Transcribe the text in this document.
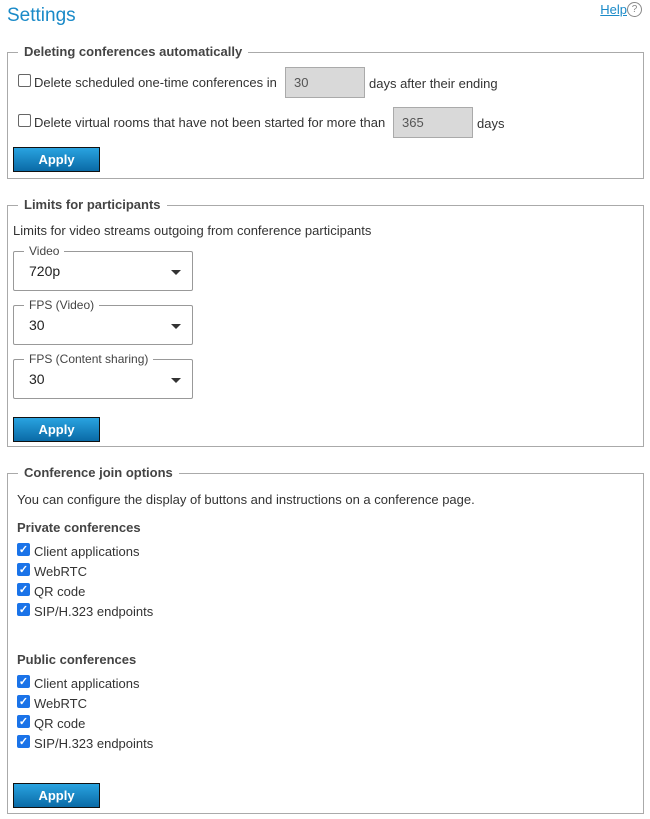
Settings	Help ?
Deleting conferences automatically
Delete scheduled one-time conferences in	30	days after their ending
Delete virtual rooms that have not been started for more than	365	days
Apply
Limits for participants
Limits for video streams outgoing from conference participants
Video
720p
FPS (Video)
30
FPS (Content sharing)
30
Apply
Conference join options
You can configure the display of buttons and instructions on a conference page.
Private conferences
✓ Client applications
✓ WebRTC
✓ QR code
✓ SIP/H.323 endpoints
Public conferences
✓ Client applications
✓ WebRTC
✓ QR code
✓ SIP/H.323 endpoints
Apply
